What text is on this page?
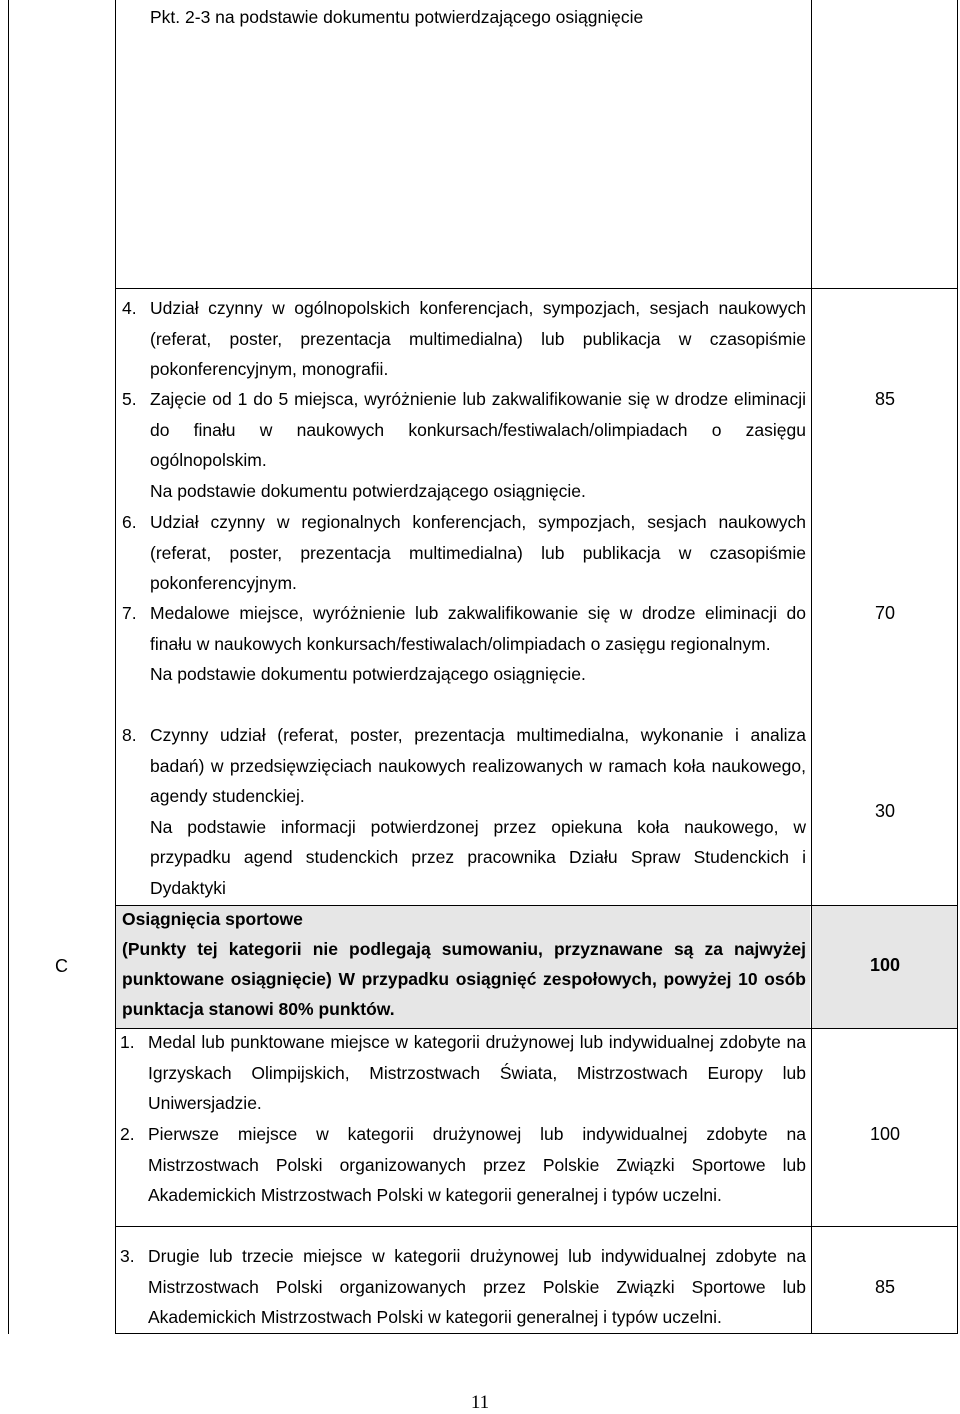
Pkt. 2-3 na podstawie dokumentu potwierdzającego osiągnięcie
4. Udział czynny w ogólnopolskich konferencjach, sympozjach, sesjach naukowych (referat, poster, prezentacja multimedialna) lub publikacja w czasopiśmie pokonferencyjnym, monografii.
5. Zajęcie od 1 do 5 miejsca, wyróżnienie lub zakwalifikowanie się w drodze eliminacji do finału w naukowych konkursach/festiwalach/olimpiadach o zasięgu ogólnopolskim.
Na podstawie dokumentu potwierdzającego osiągnięcie.
6. Udział czynny w regionalnych konferencjach, sympozjach, sesjach naukowych (referat, poster, prezentacja multimedialna) lub publikacja w czasopiśmie pokonferencyjnym.
7. Medalowe miejsce, wyróżnienie lub zakwalifikowanie się w drodze eliminacji do finału w naukowych konkursach/festiwalach/olimpiadach o zasięgu regionalnym.
Na podstawie dokumentu potwierdzającego osiągnięcie.
8. Czynny udział (referat, poster, prezentacja multimedialna, wykonanie i analiza badań) w przedsięwzięciach naukowych realizowanych w ramach koła naukowego, agendy studenckiej.
Na podstawie informacji potwierdzonej przez opiekuna koła naukowego, w przypadku agend studenckich przez pracownika Działu Spraw Studenckich i Dydaktyki
85
70
30
C
Osiągnięcia sportowe
(Punkty tej kategorii nie podlegają sumowaniu, przyznawane są za najwyżej punktowane osiągnięcie) W przypadku osiągnięć zespołowych, powyżej 10 osób punktacja stanowi 80% punktów.
100
1. Medal lub punktowane miejsce w kategorii drużynowej lub indywidualnej zdobyte na Igrzyskach Olimpijskich, Mistrzostwach Świata, Mistrzostwach Europy lub Uniwersjadzie.
2. Pierwsze miejsce w kategorii drużynowej lub indywidualnej zdobyte na Mistrzostwach Polski organizowanych przez Polskie Związki Sportowe lub Akademickich Mistrzostwach Polski w kategorii generalnej i typów uczelni.
100
3. Drugie lub trzecie miejsce w kategorii drużynowej lub indywidualnej zdobyte na Mistrzostwach Polski organizowanych przez Polskie Związki Sportowe lub Akademickich Mistrzostwach Polski w kategorii generalnej i typów uczelni.
85
11
